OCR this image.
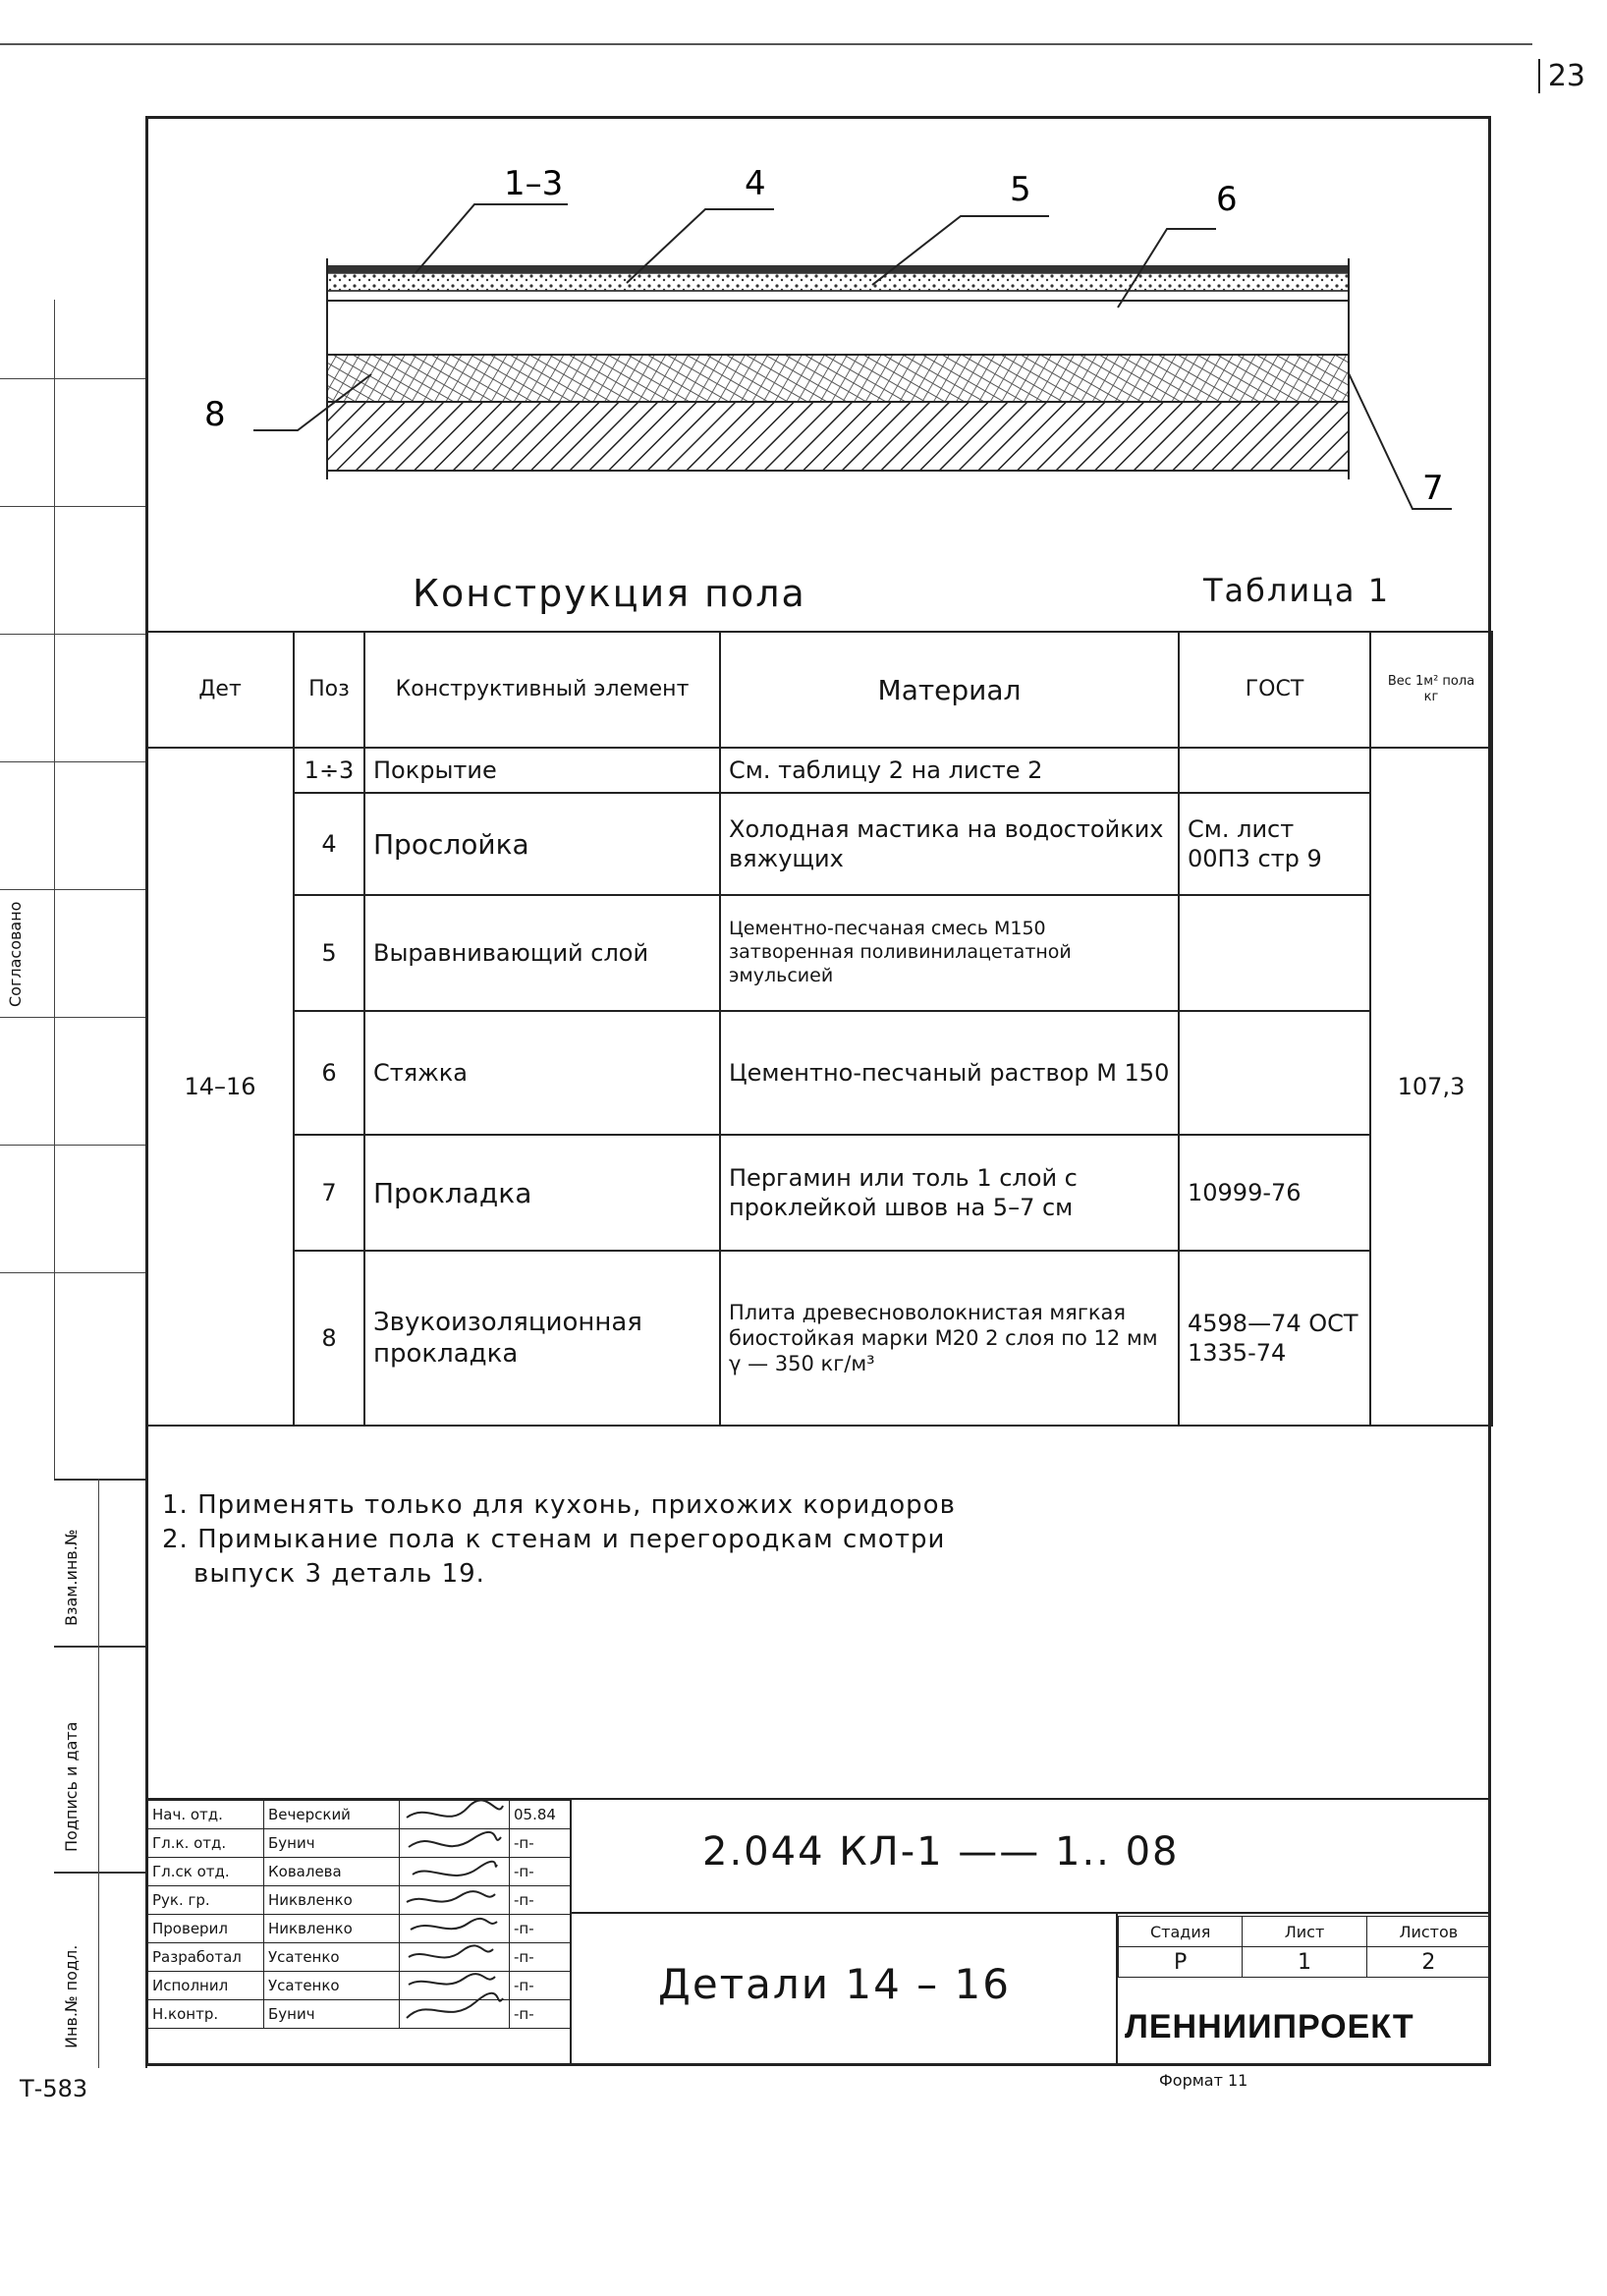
23
Согласовано
Взам.инв.№
Подпись и дата
Инв.№ подл.
1–3	4	5	6
7
8
Конструкция пола	Таблица 1
Дет	Поз	Конструктивный элемент	Материал	ГОСТ	Вес 1м² пола кг
14–16	1÷3	Покрытие	См. таблицу 2 на листе 2		107,3
	4	Прослойка	Холодная мастика на водостойких вяжущих	См. лист 00П3 стр 9	
	5	Выравнивающий слой	Цементно-песчаная смесь М150 затворенная поливинилацетатной эмульсией		
	6	Стяжка	Цементно-песчаный раствор М 150		
	7	Прокладка	Пергамин или толь 1 слой с проклейкой швов на 5–7 см	10999-76	
	8	Звукоизоляционная прокладка	Плита древесноволокнистая мягкая биостойкая марки М20 2 слоя по 12 мм γ — 350 кг/м³	4598—74 ОСТ 1335-74	
1. Применять только для кухонь, прихожих коридоров
2. Примыкание пола к стенам и перегородкам смотри
выпуск 3 деталь 19.
Нач. отд.	Вечерский		05.84
Гл.к. отд.	Бунич		-п-
Гл.ск отд.	Ковалева		-п-
Рук. гр.	Никвленко		-п-
Проверил	Никвленко		-п-
Разработал	Усатенко		-п-
Исполнил	Усатенко		-п-
Н.контр.	Бунич		-п-
2.044 КЛ-1 —— 1.. 08
Детали 14 – 16
Стадия	Лист	Листов
Р	1	2
ЛЕННИИПРОЕКТ
Формат 11
Т-583
